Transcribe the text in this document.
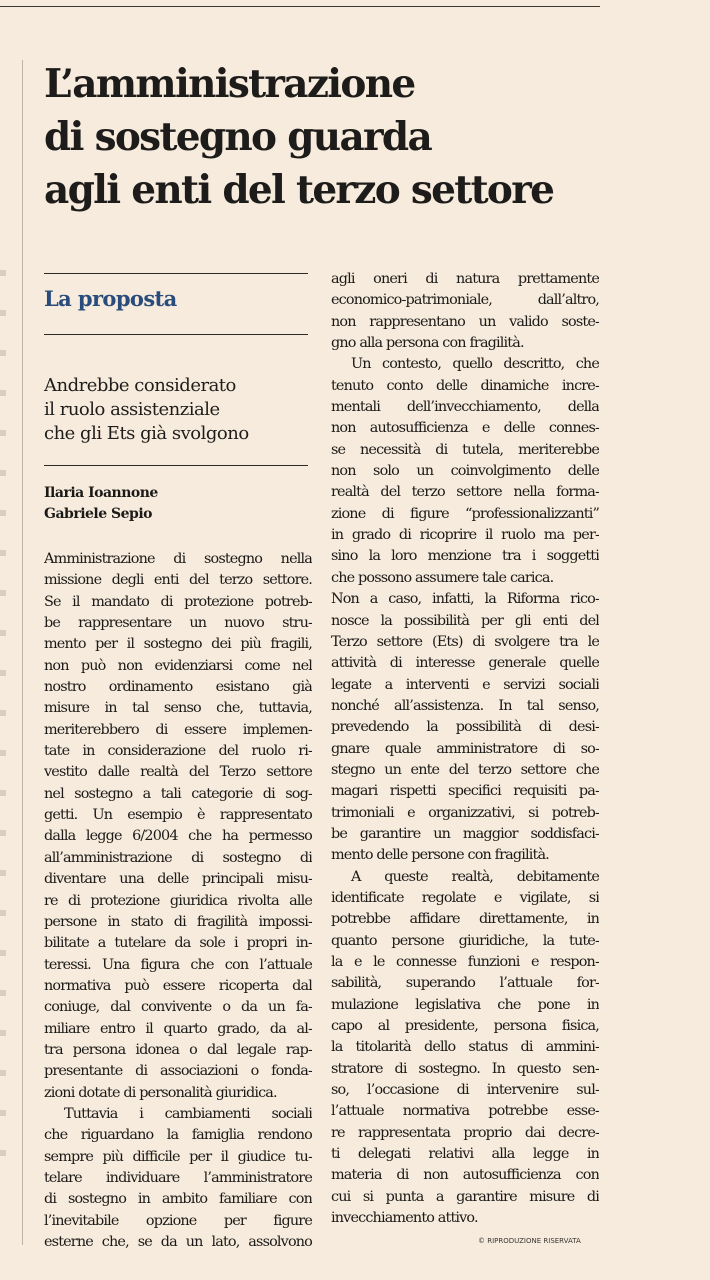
L’amministrazione
di sostegno guarda
agli enti del terzo settore
La proposta
Andrebbe considerato
il ruolo assistenziale
che gli Ets già svolgono
Ilaria Ioannone
Gabriele Sepio
Amministrazione di sostegno nella
missione degli enti del terzo settore.
Se il mandato di protezione potreb-
be rappresentare un nuovo stru-
mento per il sostegno dei più fragili,
non può non evidenziarsi come nel
nostro ordinamento esistano già
misure in tal senso che, tuttavia,
meriterebbero di essere implemen-
tate in considerazione del ruolo ri-
vestito dalle realtà del Terzo settore
nel sostegno a tali categorie di sog-
getti. Un esempio è rappresentato
dalla legge 6/2004 che ha permesso
all’amministrazione di sostegno di
diventare una delle principali misu-
re di protezione giuridica rivolta alle
persone in stato di fragilità impossi-
bilitate a tutelare da sole i propri in-
teressi. Una figura che con l’attuale
normativa può essere ricoperta dal
coniuge, dal convivente o da un fa-
miliare entro il quarto grado, da al-
tra persona idonea o dal legale rap-
presentante di associazioni o fonda-
zioni dotate di personalità giuridica.
Tuttavia i cambiamenti sociali
che riguardano la famiglia rendono
sempre più difficile per il giudice tu-
telare individuare l’amministratore
di sostegno in ambito familiare con
l’inevitabile opzione per figure
esterne che, se da un lato, assolvono
agli oneri di natura prettamente
economico-patrimoniale, dall’altro,
non rappresentano un valido soste-
gno alla persona con fragilità.
Un contesto, quello descritto, che
tenuto conto delle dinamiche incre-
mentali dell’invecchiamento, della
non autosufficienza e delle connes-
se necessità di tutela, meriterebbe
non solo un coinvolgimento delle
realtà del terzo settore nella forma-
zione di figure “professionalizzanti”
in grado di ricoprire il ruolo ma per-
sino la loro menzione tra i soggetti
che possono assumere tale carica.
Non a caso, infatti, la Riforma rico-
nosce la possibilità per gli enti del
Terzo settore (Ets) di svolgere tra le
attività di interesse generale quelle
legate a interventi e servizi sociali
nonché all’assistenza. In tal senso,
prevedendo la possibilità di desi-
gnare quale amministratore di so-
stegno un ente del terzo settore che
magari rispetti specifici requisiti pa-
trimoniali e organizzativi, si potreb-
be garantire un maggior soddisfaci-
mento delle persone con fragilità.
A queste realtà, debitamente
identificate regolate e vigilate, si
potrebbe affidare direttamente, in
quanto persone giuridiche, la tute-
la e le connesse funzioni e respon-
sabilità, superando l’attuale for-
mulazione legislativa che pone in
capo al presidente, persona fisica,
la titolarità dello status di ammini-
stratore di sostegno. In questo sen-
so, l’occasione di intervenire sul-
l’attuale normativa potrebbe esse-
re rappresentata proprio dai decre-
ti delegati relativi alla legge in
materia di non autosufficienza con
cui si punta a garantire misure di
invecchiamento attivo.
© RIPRODUZIONE RISERVATA
